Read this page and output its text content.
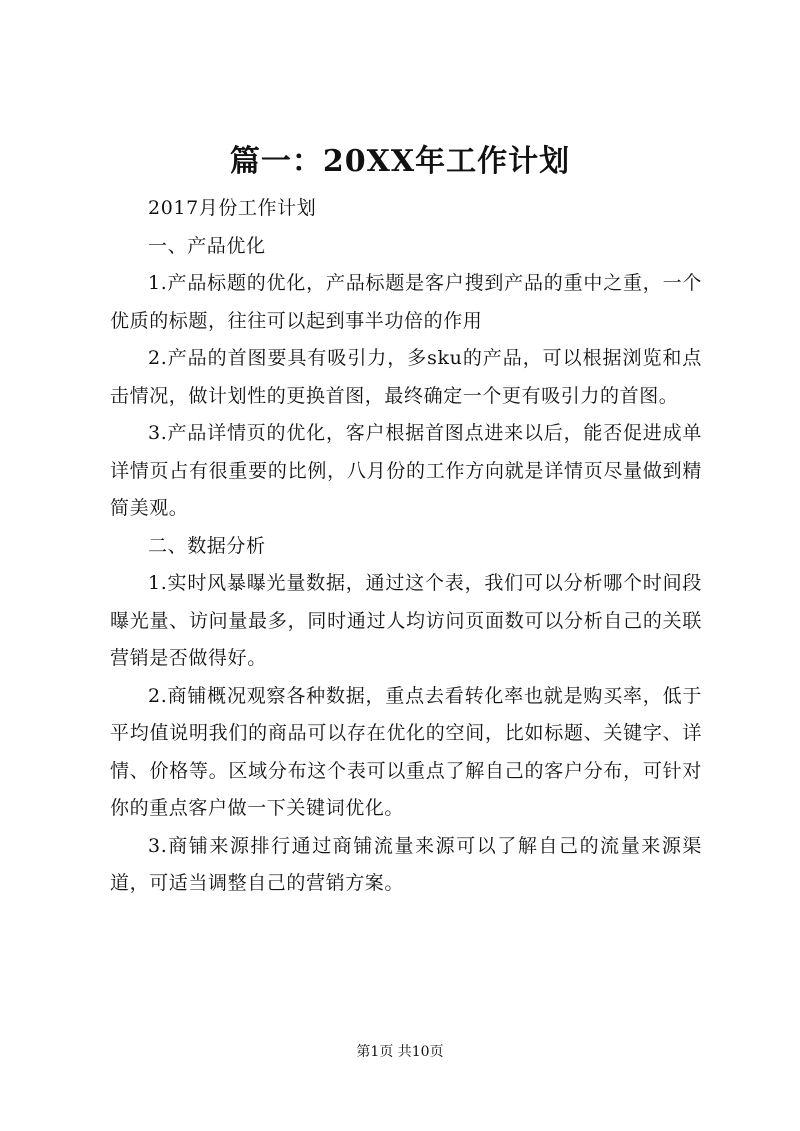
篇一：20XX年工作计划

2017月份工作计划

一、产品优化

1.产品标题的优化，产品标题是客户搜到产品的重中之重，一个优质的标题，往往可以起到事半功倍的作用

2.产品的首图要具有吸引力，多sku的产品，可以根据浏览和点击情况，做计划性的更换首图，最终确定一个更有吸引力的首图。

3.产品详情页的优化，客户根据首图点进来以后，能否促进成单详情页占有很重要的比例，八月份的工作方向就是详情页尽量做到精简美观。

二、数据分析

1.实时风暴曝光量数据，通过这个表，我们可以分析哪个时间段曝光量、访问量最多，同时通过人均访问页面数可以分析自己的关联营销是否做得好。

2.商铺概况观察各种数据，重点去看转化率也就是购买率，低于平均值说明我们的商品可以存在优化的空间，比如标题、关键字、详情、价格等。区域分布这个表可以重点了解自己的客户分布，可针对你的重点客户做一下关键词优化。

3.商铺来源排行通过商铺流量来源可以了解自己的流量来源渠道，可适当调整自己的营销方案。

第1页 共10页
